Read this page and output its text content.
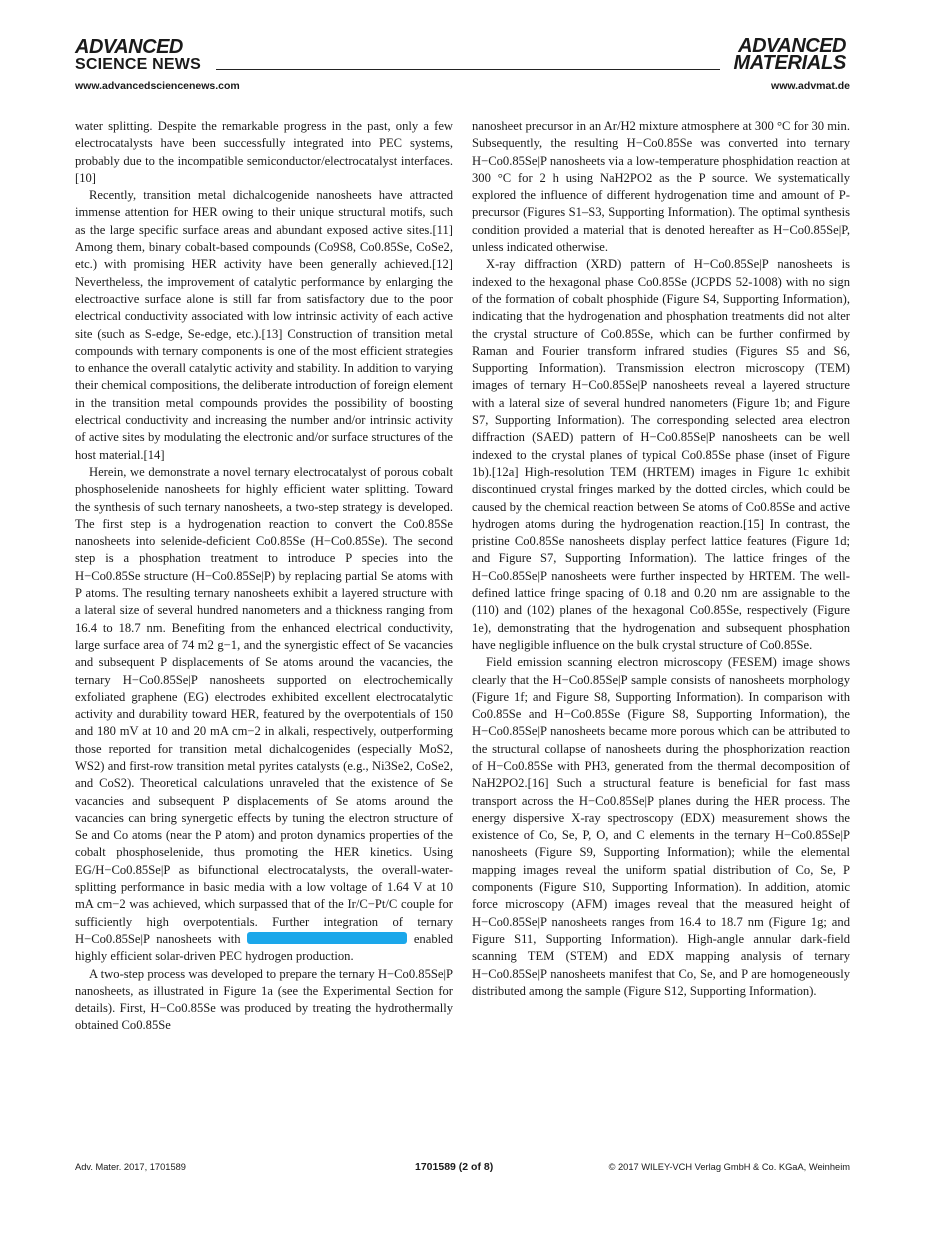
ADVANCED
SCIENCE NEWS
ADVANCED
MATERIALS
www.advancedsciencenews.com	www.advmat.de

water splitting. Despite the remarkable progress in the past, only a few electrocatalysts have been successfully integrated into PEC systems, probably due to the incompatible semiconductor/electrocatalyst interfaces.[10]

Recently, transition metal dichalcogenide nanosheets have attracted immense attention for HER owing to their unique structural motifs, such as the large specific surface areas and abundant exposed active sites.[11] Among them, binary cobalt-based compounds (Co9S8, Co0.85Se, CoSe2, etc.) with promising HER activity have been generally achieved.[12] Nevertheless, the improvement of catalytic performance by enlarging the electroactive surface alone is still far from satisfactory due to the poor electrical conductivity associated with low intrinsic activity of each active site (such as S-edge, Se-edge, etc.).[13] Construction of transition metal compounds with ternary components is one of the most efficient strategies to enhance the overall catalytic activity and stability. In addition to varying their chemical compositions, the deliberate introduction of foreign element in the transition metal compounds provides the possibility of boosting electrical conductivity and increasing the number and/or intrinsic activity of active sites by modulating the electronic and/or surface structures of the host material.[14]

Herein, we demonstrate a novel ternary electrocatalyst of porous cobalt phosphoselenide nanosheets for highly efficient water splitting. Toward the synthesis of such ternary nanosheets, a two-step strategy is developed. The first step is a hydrogenation reaction to convert the Co0.85Se nanosheets into selenide-deficient Co0.85Se (H−Co0.85Se). The second step is a phosphation treatment to introduce P species into the H−Co0.85Se structure (H−Co0.85Se|P) by replacing partial Se atoms with P atoms. The resulting ternary nanosheets exhibit a layered structure with a lateral size of several hundred nanometers and a thickness ranging from 16.4 to 18.7 nm. Benefiting from the enhanced electrical conductivity, large surface area of 74 m2 g−1, and the synergistic effect of Se vacancies and subsequent P displacements of Se atoms around the vacancies, the ternary H−Co0.85Se|P nanosheets supported on electrochemically exfoliated graphene (EG) electrodes exhibited excellent electrocatalytic activity and durability toward HER, featured by the overpotentials of 150 and 180 mV at 10 and 20 mA cm−2 in alkali, respectively, outperforming those reported for transition metal dichalcogenides (especially MoS2, WS2) and first-row transition metal pyrites catalysts (e.g., Ni3Se2, CoSe2, and CoS2). Theoretical calculations unraveled that the existence of Se vacancies and subsequent P displacements of Se atoms around the vacancies can bring synergetic effects by tuning the electron structure of Se and Co atoms (near the P atom) and proton dynamics properties of the cobalt phosphoselenide, thus promoting the HER kinetics. Using EG/H−Co0.85Se|P as bifunctional electrocatalysts, the overall-water-splitting performance in basic media with a low voltage of 1.64 V at 10 mA cm−2 was achieved, which surpassed that of the Ir/C−Pt/C couple for sufficiently high overpotentials. Further integration of ternary H−Co0.85Se|P nanosheets with	enabled highly efficient solar-driven PEC hydrogen production.

A two-step process was developed to prepare the ternary H−Co0.85Se|P nanosheets, as illustrated in Figure 1a (see the Experimental Section for details). First, H−Co0.85Se was produced by treating the hydrothermally obtained Co0.85Se

nanosheet precursor in an Ar/H2 mixture atmosphere at 300 °C for 30 min. Subsequently, the resulting H−Co0.85Se was converted into ternary H−Co0.85Se|P nanosheets via a low-temperature phosphidation reaction at 300 °C for 2 h using NaH2PO2 as the P source. We systematically explored the influence of different hydrogenation time and amount of P-precursor (Figures S1–S3, Supporting Information). The optimal synthesis condition provided a material that is denoted hereafter as H−Co0.85Se|P, unless indicated otherwise.

X-ray diffraction (XRD) pattern of H−Co0.85Se|P nanosheets is indexed to the hexagonal phase Co0.85Se (JCPDS 52-1008) with no sign of the formation of cobalt phosphide (Figure S4, Supporting Information), indicating that the hydrogenation and phosphation treatments did not alter the crystal structure of Co0.85Se, which can be further confirmed by Raman and Fourier transform infrared studies (Figures S5 and S6, Supporting Information). Transmission electron microscopy (TEM) images of ternary H−Co0.85Se|P nanosheets reveal a layered structure with a lateral size of several hundred nanometers (Figure 1b; and Figure S7, Supporting Information). The corresponding selected area electron diffraction (SAED) pattern of H−Co0.85Se|P nanosheets can be well indexed to the crystal planes of typical Co0.85Se phase (inset of Figure 1b).[12a] High-resolution TEM (HRTEM) images in Figure 1c exhibit discontinued crystal fringes marked by the dotted circles, which could be caused by the chemical reaction between Se atoms of Co0.85Se and active hydrogen atoms during the hydrogenation reaction.[15] In contrast, the pristine Co0.85Se nanosheets display perfect lattice features (Figure 1d; and Figure S7, Supporting Information). The lattice fringes of the H−Co0.85Se|P nanosheets were further inspected by HRTEM. The well-defined lattice fringe spacing of 0.18 and 0.20 nm are assignable to the (110) and (102) planes of the hexagonal Co0.85Se, respectively (Figure 1e), demonstrating that the hydrogenation and subsequent phosphation have negligible influence on the bulk crystal structure of Co0.85Se.

Field emission scanning electron microscopy (FESEM) image shows clearly that the H−Co0.85Se|P sample consists of nanosheets morphology (Figure 1f; and Figure S8, Supporting Information). In comparison with Co0.85Se and H−Co0.85Se (Figure S8, Supporting Information), the H−Co0.85Se|P nanosheets became more porous which can be attributed to the structural collapse of nanosheets during the phosphorization reaction of H−Co0.85Se with PH3, generated from the thermal decomposition of NaH2PO2.[16] Such a structural feature is beneficial for fast mass transport across the H−Co0.85Se|P planes during the HER process. The energy dispersive X-ray spectroscopy (EDX) measurement shows the existence of Co, Se, P, O, and C elements in the ternary H−Co0.85Se|P nanosheets (Figure S9, Supporting Information); while the elemental mapping images reveal the uniform spatial distribution of Co, Se, P components (Figure S10, Supporting Information). In addition, atomic force microscopy (AFM) images reveal that the measured height of H−Co0.85Se|P nanosheets ranges from 16.4 to 18.7 nm (Figure 1g; and Figure S11, Supporting Information). High-angle annular dark-field scanning TEM (STEM) and EDX mapping analysis of ternary H−Co0.85Se|P nanosheets manifest that Co, Se, and P are homogeneously distributed among the sample (Figure S12, Supporting Information).

Adv. Mater. 2017, 1701589	1701589 (2 of 8)	© 2017 WILEY-VCH Verlag GmbH & Co. KGaA, Weinheim
